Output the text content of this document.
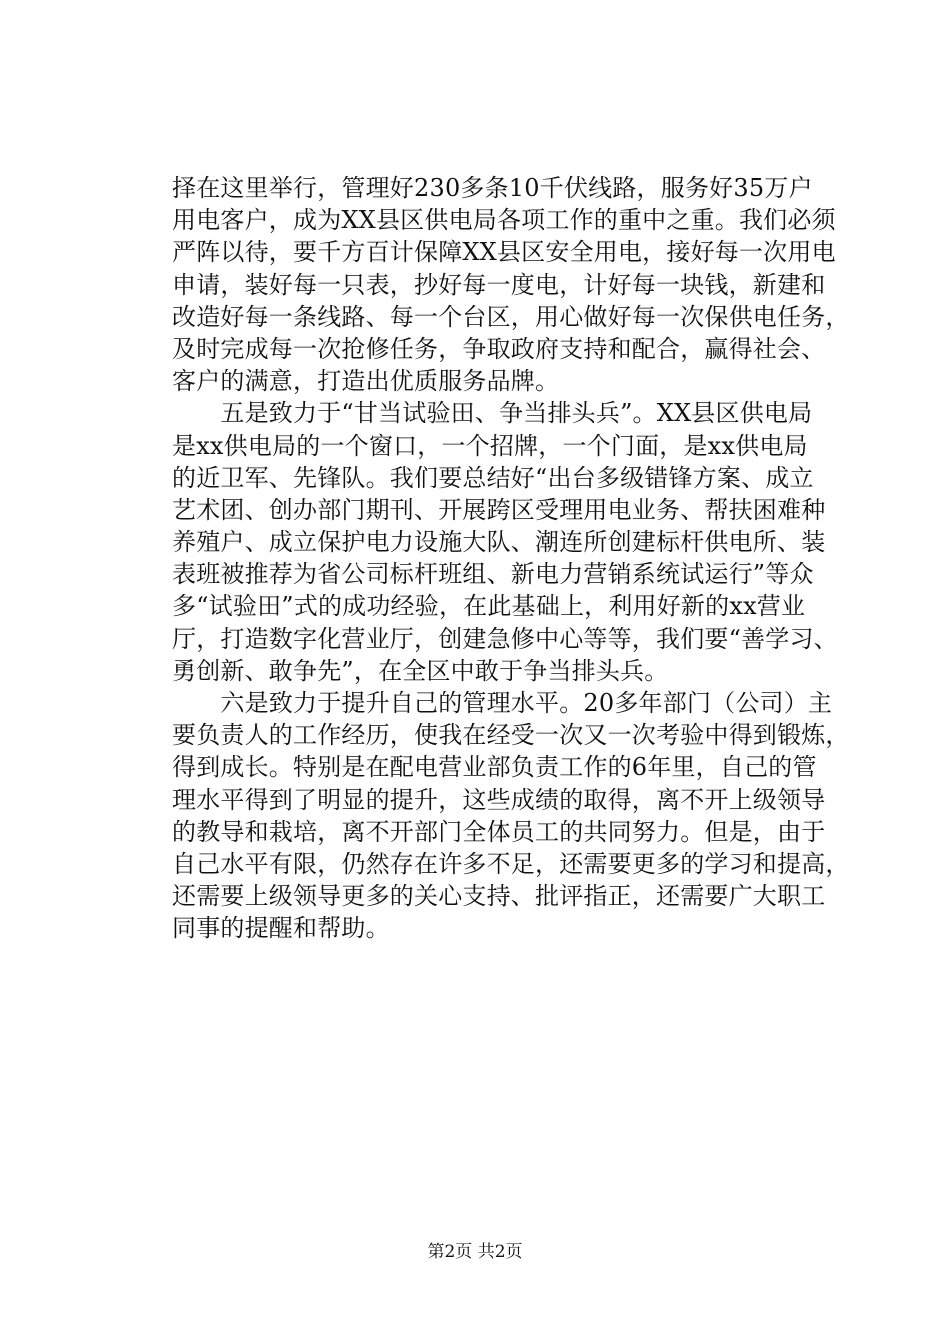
择在这里举行，管理好230多条10千伏线路，服务好35万户
用电客户，成为XX县区供电局各项工作的重中之重。我们必须
严阵以待，要千方百计保障XX县区安全用电，接好每一次用电
申请，装好每一只表，抄好每一度电，计好每一块钱，新建和
改造好每一条线路、每一个台区，用心做好每一次保供电任务，
及时完成每一次抢修任务，争取政府支持和配合，赢得社会、
客户的满意，打造出优质服务品牌。
　　五是致力于“甘当试验田、争当排头兵”。XX县区供电局
是xx供电局的一个窗口，一个招牌，一个门面，是xx供电局
的近卫军、先锋队。我们要总结好“出台多级错锋方案、成立
艺术团、创办部门期刊、开展跨区受理用电业务、帮扶困难种
养殖户、成立保护电力设施大队、潮连所创建标杆供电所、装
表班被推荐为省公司标杆班组、新电力营销系统试运行”等众
多“试验田”式的成功经验，在此基础上，利用好新的xx营业
厅，打造数字化营业厅，创建急修中心等等，我们要“善学习、
勇创新、敢争先”，在全区中敢于争当排头兵。
　　六是致力于提升自己的管理水平。20多年部门（公司）主
要负责人的工作经历，使我在经受一次又一次考验中得到锻炼，
得到成长。特别是在配电营业部负责工作的6年里，自己的管
理水平得到了明显的提升，这些成绩的取得，离不开上级领导
的教导和栽培，离不开部门全体员工的共同努力。但是，由于
自己水平有限，仍然存在许多不足，还需要更多的学习和提高，
还需要上级领导更多的关心支持、批评指正，还需要广大职工
同事的提醒和帮助。
第2页 共2页
